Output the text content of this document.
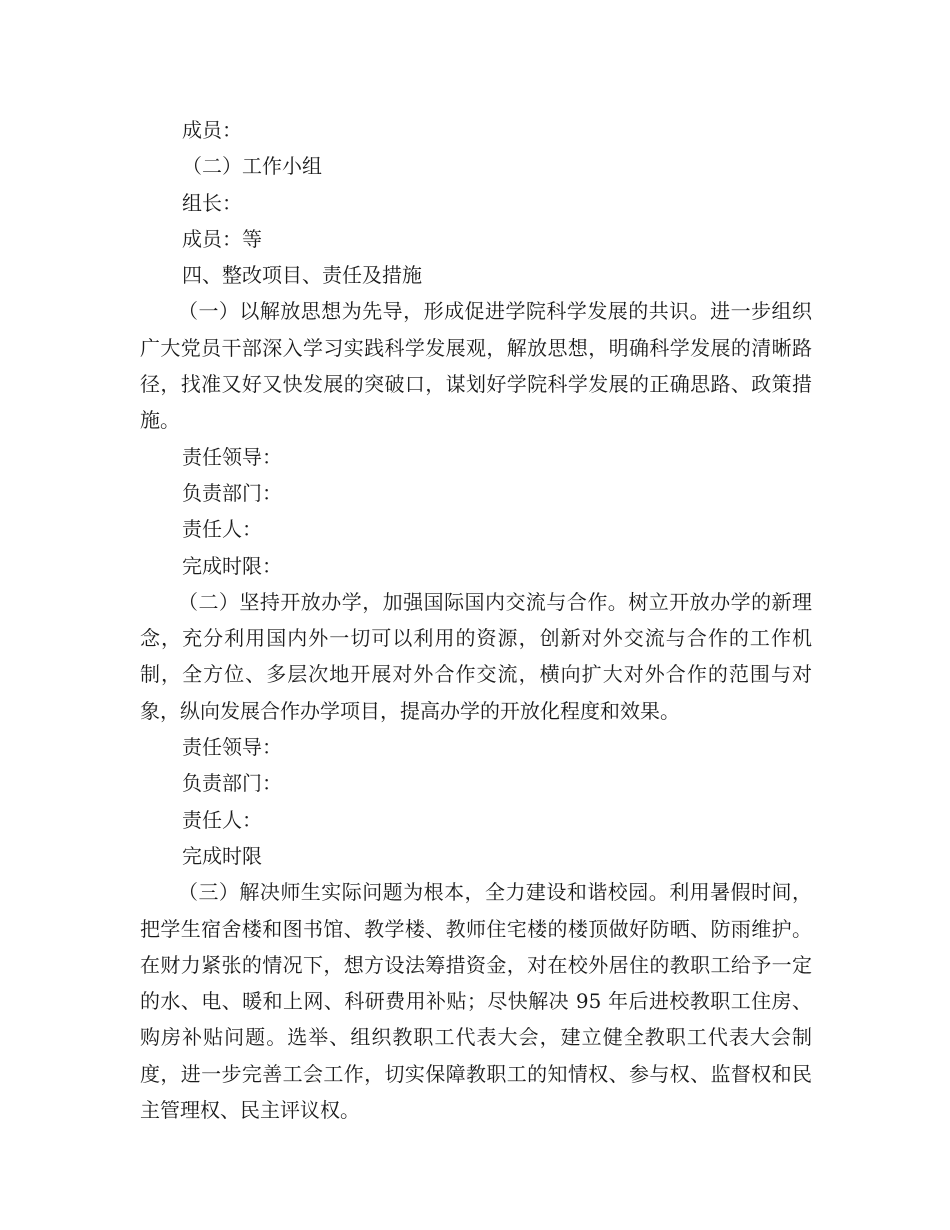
成员：

（二）工作小组

组长：

成员：等

四、整改项目、责任及措施

（一）以解放思想为先导，形成促进学院科学发展的共识。进一步组织广大党员干部深入学习实践科学发展观，解放思想，明确科学发展的清晰路径，找准又好又快发展的突破口，谋划好学院科学发展的正确思路、政策措施。

责任领导：

负责部门：

责任人：

完成时限：

（二）坚持开放办学，加强国际国内交流与合作。树立开放办学的新理念，充分利用国内外一切可以利用的资源，创新对外交流与合作的工作机制，全方位、多层次地开展对外合作交流，横向扩大对外合作的范围与对象，纵向发展合作办学项目，提高办学的开放化程度和效果。

责任领导：

负责部门：

责任人：

完成时限

（三）解决师生实际问题为根本，全力建设和谐校园。利用暑假时间，把学生宿舍楼和图书馆、教学楼、教师住宅楼的楼顶做好防晒、防雨维护。在财力紧张的情况下，想方设法筹措资金，对在校外居住的教职工给予一定的水、电、暖和上网、科研费用补贴；尽快解决 95 年后进校教职工住房、购房补贴问题。选举、组织教职工代表大会，建立健全教职工代表大会制度，进一步完善工会工作，切实保障教职工的知情权、参与权、监督权和民主管理权、民主评议权。
